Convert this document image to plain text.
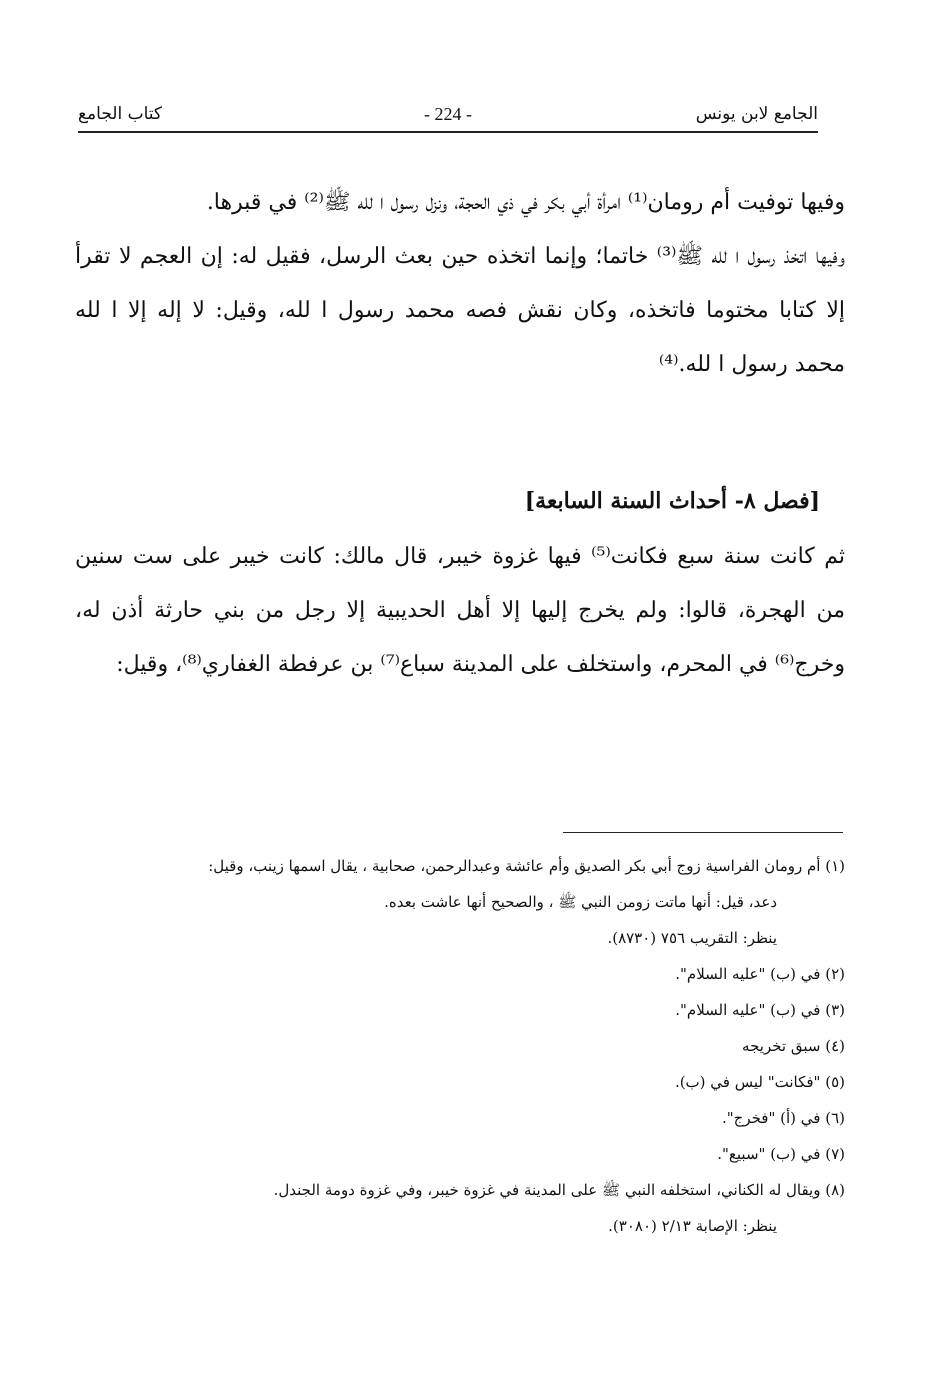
الجامع لابن يونس
- 224 -
كتاب الجامع

وفيها توفيت أم رومان⁽¹⁾ امرأة أبي بكر في ذي الحجة، ونزل رسول ا لله ﷺ⁽²⁾ في قبرها.

وفيها اتخذ رسول ا لله ﷺ⁽³⁾ خاتما؛ وإنما اتخذه حين بعث الرسل، فقيل له: إن العجم لا تقرأ إلا كتابا مختوما فاتخذه، وكان نقش فصه محمد رسول ا لله، وقيل: لا إله إلا ا لله محمد رسول ا لله.⁽⁴⁾

[فصل ٨- أحداث السنة السابعة]

ثم كانت سنة سبع فكانت⁽⁵⁾ فيها غزوة خيبر، قال مالك: كانت خيبر على ست سنين من الهجرة، قالوا: ولم يخرج إليها إلا أهل الحديبية إلا رجل من بني حارثة أذن له، وخرج⁽⁶⁾ في المحرم، واستخلف على المدينة سباع⁽⁷⁾ بن عرفطة الغفاري⁽⁸⁾، وقيل:

(١) أم رومان الفراسية زوج أبي بكر الصديق وأم عائشة وعبدالرحمن، صحابية ، يقال اسمها زينب، وقيل:

دعد، قيل: أنها ماتت زومن النبي ﷺ ، والصحيح أنها عاشت بعده.

ينظر: التقريب ٧٥٦ (٨٧٣٠).

(٢) في (ب) "عليه السلام".

(٣) في (ب) "عليه السلام".

(٤) سبق تخريجه

(٥) "فكانت" ليس في (ب).

(٦) في (أ) "فخرج".

(٧) في (ب) "سبيع".

(٨) ويقال له الكناني، استخلفه النبي ﷺ على المدينة في غزوة خيبر، وفي غزوة دومة الجندل.

ينظر: الإصابة ٢/١٣ (٣٠٨٠).
